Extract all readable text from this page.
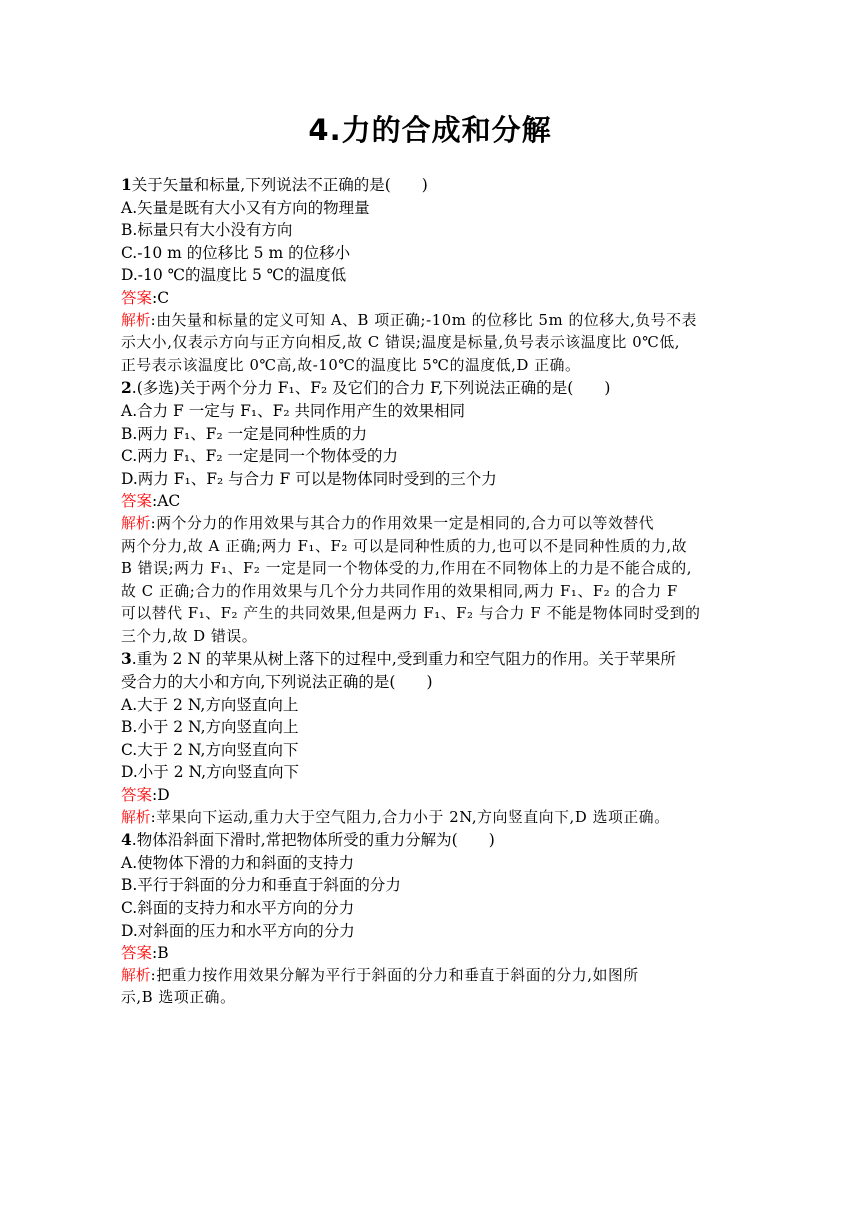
4.力的合成和分解
1关于矢量和标量,下列说法不正确的是(　　)
A.矢量是既有大小又有方向的物理量
B.标量只有大小没有方向
C.-10 m 的位移比 5 m 的位移小
D.-10 ℃的温度比 5 ℃的温度低
答案:C
解析:由矢量和标量的定义可知 A、B 项正确;-10m 的位移比 5m 的位移大,负号不表
示大小,仅表示方向与正方向相反,故 C 错误;温度是标量,负号表示该温度比 0℃低,
正号表示该温度比 0℃高,故-10℃的温度比 5℃的温度低,D 正确。
2.(多选)关于两个分力 F₁、F₂ 及它们的合力 F,下列说法正确的是(　　)
A.合力 F 一定与 F₁、F₂ 共同作用产生的效果相同
B.两力 F₁、F₂ 一定是同种性质的力
C.两力 F₁、F₂ 一定是同一个物体受的力
D.两力 F₁、F₂ 与合力 F 可以是物体同时受到的三个力
答案:AC
解析:两个分力的作用效果与其合力的作用效果一定是相同的,合力可以等效替代
两个分力,故 A 正确;两力 F₁、F₂ 可以是同种性质的力,也可以不是同种性质的力,故
B 错误;两力 F₁、F₂ 一定是同一个物体受的力,作用在不同物体上的力是不能合成的,
故 C 正确;合力的作用效果与几个分力共同作用的效果相同,两力 F₁、F₂ 的合力 F
可以替代 F₁、F₂ 产生的共同效果,但是两力 F₁、F₂ 与合力 F 不能是物体同时受到的
三个力,故 D 错误。
3.重为 2 N 的苹果从树上落下的过程中,受到重力和空气阻力的作用。关于苹果所
受合力的大小和方向,下列说法正确的是(　　)
A.大于 2 N,方向竖直向上
B.小于 2 N,方向竖直向上
C.大于 2 N,方向竖直向下
D.小于 2 N,方向竖直向下
答案:D
解析:苹果向下运动,重力大于空气阻力,合力小于 2N,方向竖直向下,D 选项正确。
4.物体沿斜面下滑时,常把物体所受的重力分解为(　　)
A.使物体下滑的力和斜面的支持力
B.平行于斜面的分力和垂直于斜面的分力
C.斜面的支持力和水平方向的分力
D.对斜面的压力和水平方向的分力
答案:B
解析:把重力按作用效果分解为平行于斜面的分力和垂直于斜面的分力,如图所
示,B 选项正确。
